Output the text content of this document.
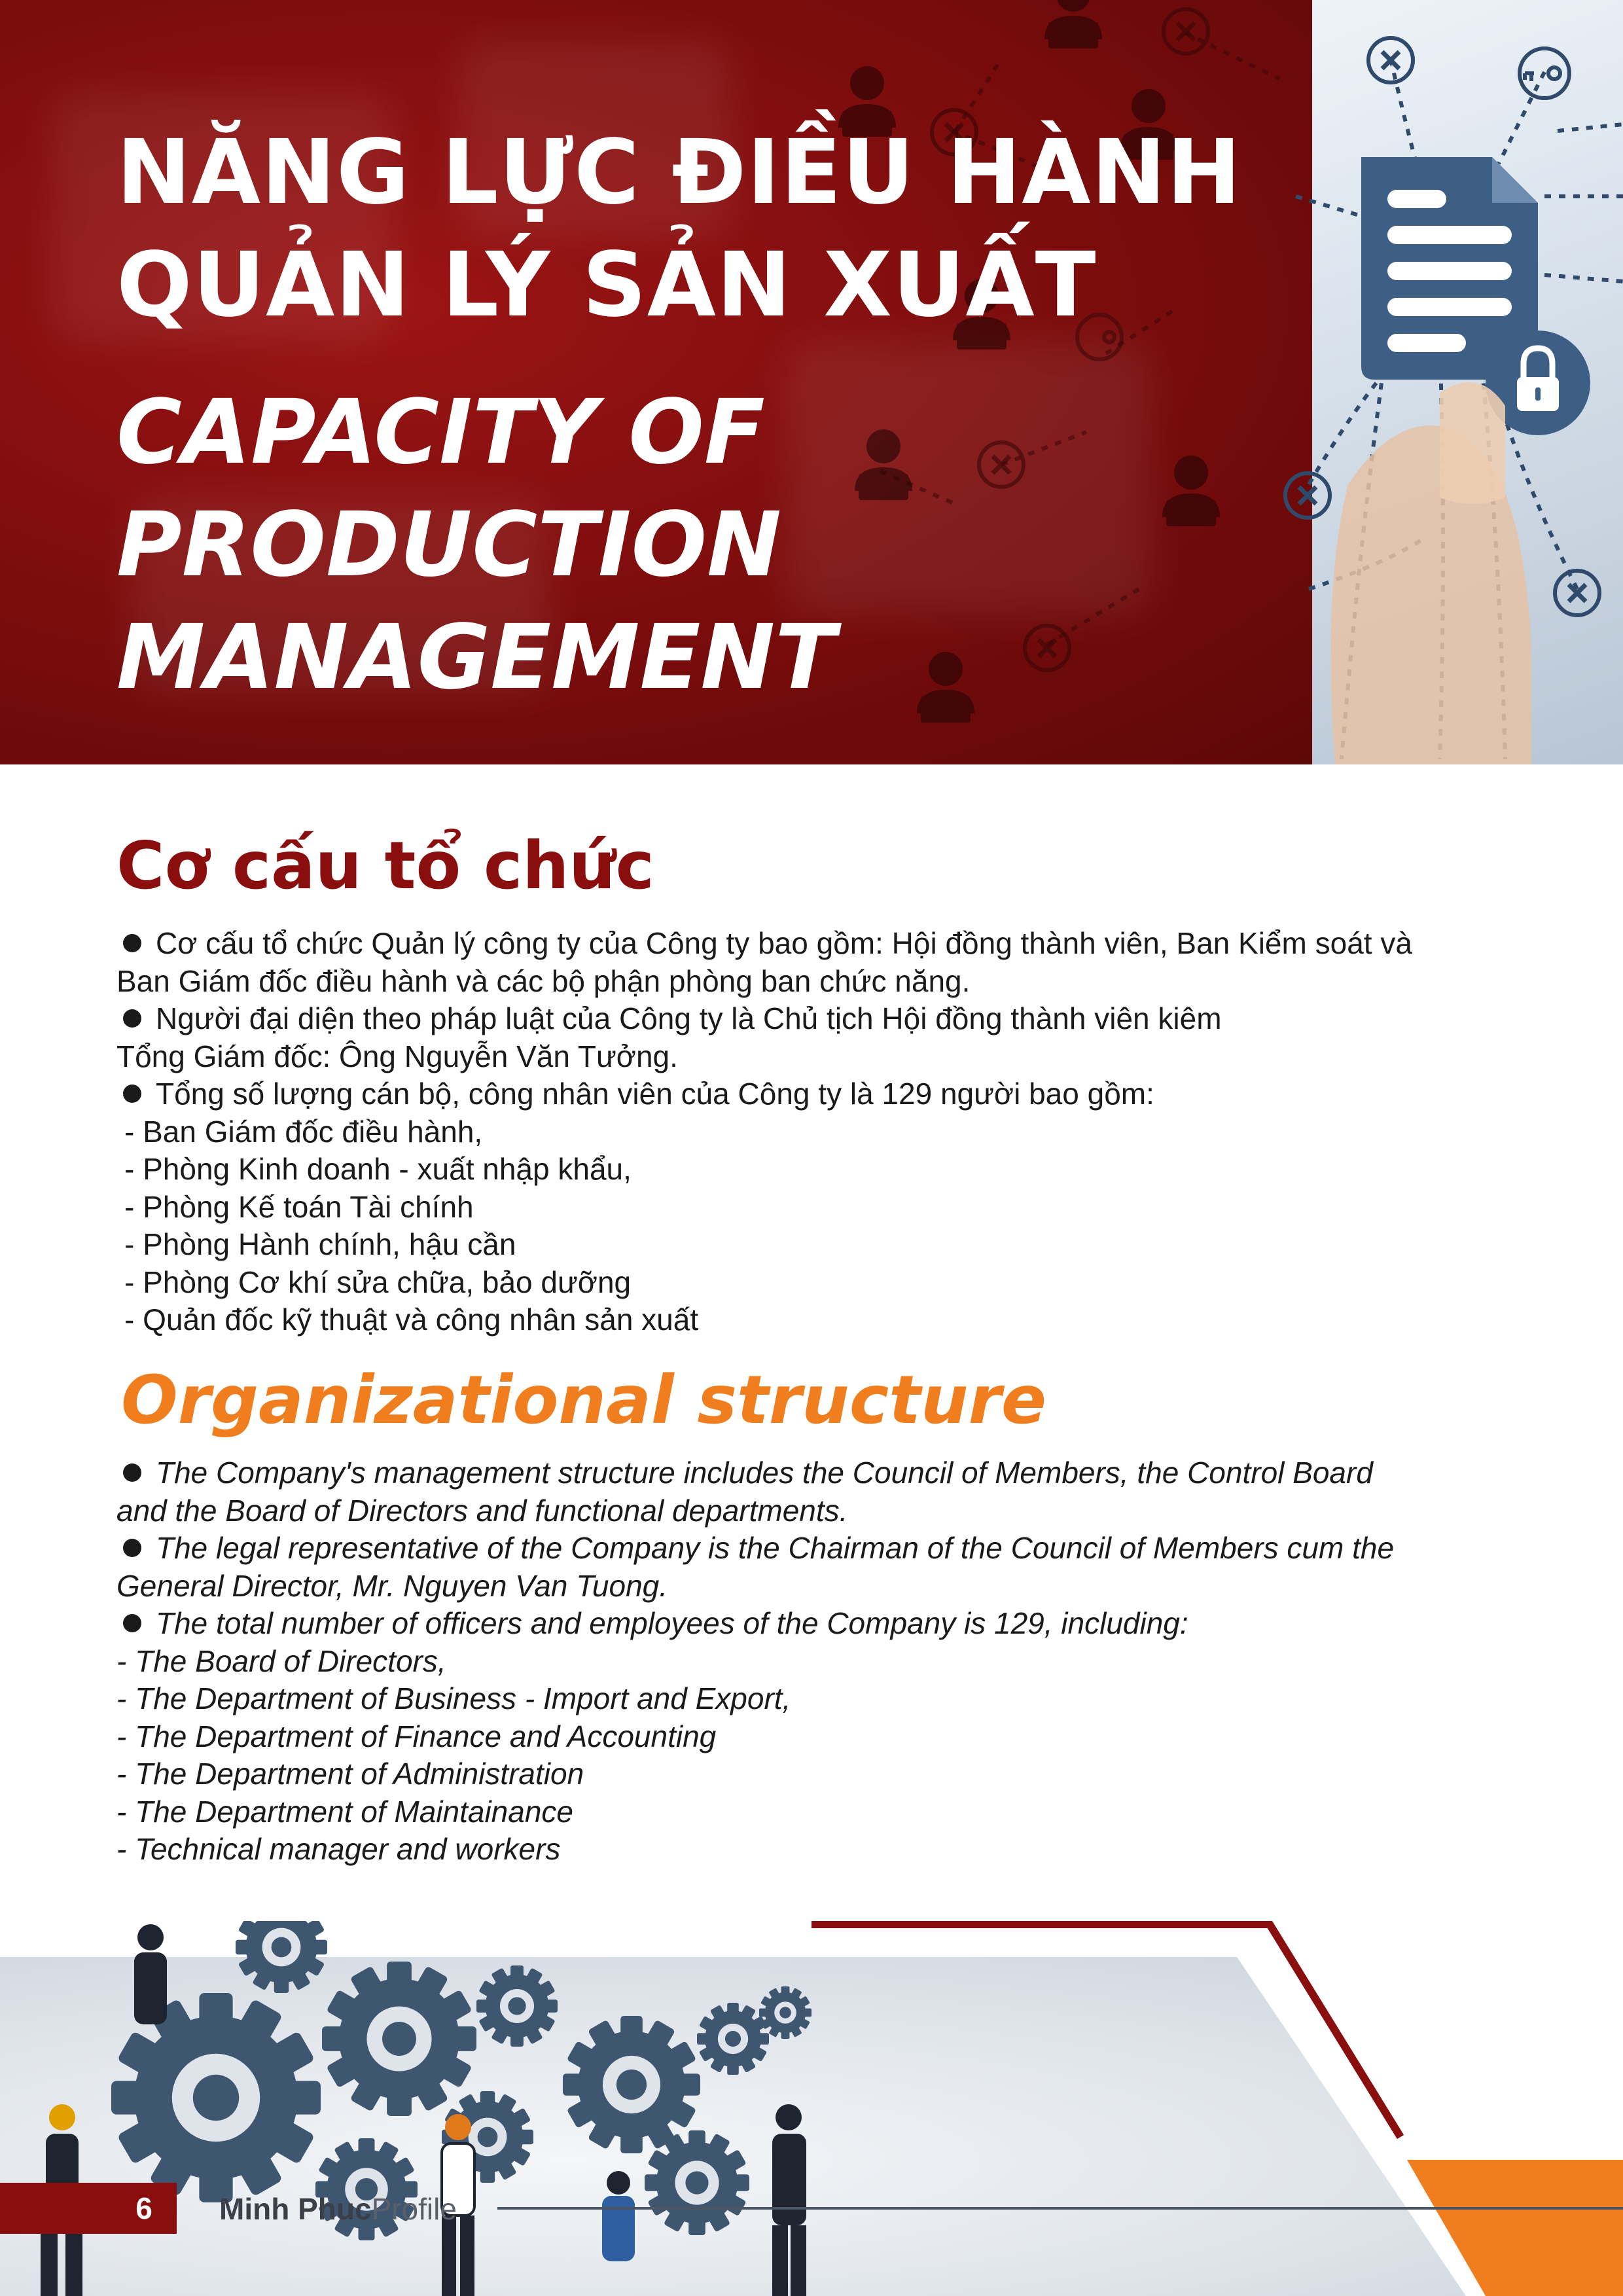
NĂNG LỰC ĐIỀU HÀNH
QUẢN LÝ SẢN XUẤT
CAPACITY OF
PRODUCTION
MANAGEMENT
Cơ cấu tổ chức
Cơ cấu tổ chức Quản lý công ty của Công ty bao gồm: Hội đồng thành viên, Ban Kiểm soát và
Ban Giám đốc điều hành và các bộ phận phòng ban chức năng.
Người đại diện theo pháp luật của Công ty là Chủ tịch Hội đồng thành viên kiêm
Tổng Giám đốc: Ông Nguyễn Văn Tưởng.
Tổng số lượng cán bộ, công nhân viên của Công ty là 129 người bao gồm:
- Ban Giám đốc điều hành,
- Phòng Kinh doanh - xuất nhập khẩu,
- Phòng Kế toán Tài chính
- Phòng Hành chính, hậu cần
- Phòng Cơ khí sửa chữa, bảo dưỡng
- Quản đốc kỹ thuật và công nhân sản xuất
Organizational structure
The Company's management structure includes the Council of Members, the Control Board
and the Board of Directors and functional departments.
The legal representative of the Company is the Chairman of the Council of Members cum the
General Director, Mr. Nguyen Van Tuong.
The total number of officers and employees of the Company is 129, including:
- The Board of Directors,
- The Department of Business - Import and Export,
- The Department of Finance and Accounting
- The Department of Administration
- The Department of Maintainance
- Technical manager and workers
6	Minh PhucProfile
